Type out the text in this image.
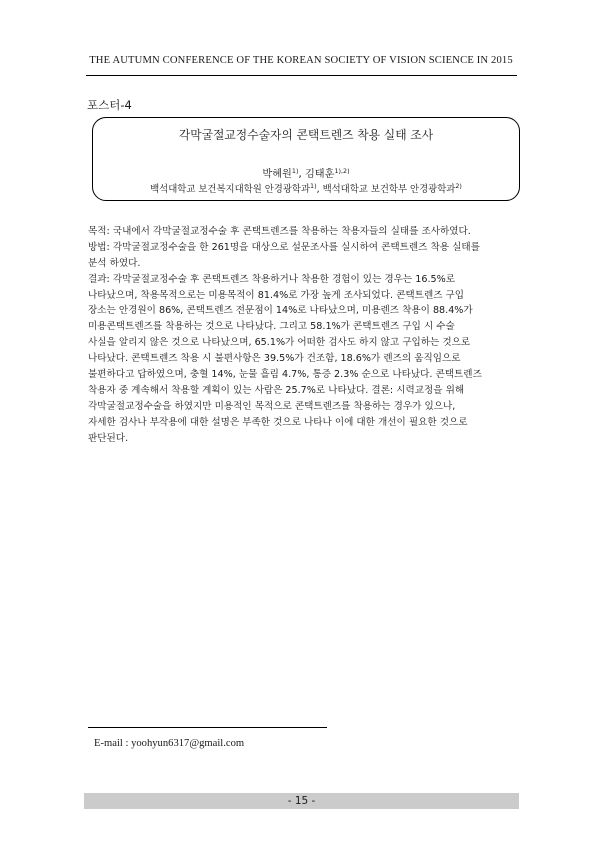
THE AUTUMN CONFERENCE OF THE KOREAN SOCIETY OF VISION SCIENCE IN 2015
포스터-4
각막굴절교정수술자의 콘택트렌즈 착용 실태 조사
박혜원$^{1)}$, 김태훈$^{1),2)}$
백석대학교 보건복지대학원 안경광학과$^{1)}$, 백석대학교 보건학부 안경광학과$^{2)}$
목적: 국내에서 각막굴절교정수술 후 콘택트렌즈를 착용하는 착용자들의 실태를 조사하였다.
방법: 각막굴절교정수술을 한 261명을 대상으로 설문조사를 실시하여 콘택트렌즈 착용 실태를
분석 하였다.
결과: 각막굴절교정수술 후 콘택트렌즈 착용하거나 착용한 경험이 있는 경우는 16.5%로
나타났으며, 착용목적으로는 미용목적이 81.4%로 가장 높게 조사되었다. 콘택트렌즈 구입
장소는 안경원이 86%, 콘택트렌즈 전문점이 14%로 나타났으며, 미용렌즈 착용이 88.4%가
미용콘택트렌즈를 착용하는 것으로 나타났다. 그리고 58.1%가 콘택트렌즈 구입 시 수술
사실을 알리지 않은 것으로 나타났으며, 65.1%가 어떠한 검사도 하지 않고 구입하는 것으로
나타났다. 콘택트렌즈 착용 시 불편사항은 39.5%가 건조함, 18.6%가 렌즈의 움직임으로
불편하다고 답하였으며, 충혈 14%, 눈물 흘림 4.7%, 통증 2.3% 순으로 나타났다. 콘택트렌즈
착용자 중 계속해서 착용할 계획이 있는 사람은 25.7%로 나타났다. 결론: 시력교정을 위해
각막굴절교정수술을 하였지만 미용적인 목적으로 콘택트렌즈를 착용하는 경우가 있으나,
자세한 검사나 부작용에 대한 설명은 부족한 것으로 나타나 이에 대한 개선이 필요한 것으로
판단된다.
E-mail : yoohyun6317@gmail.com
- 15 -
